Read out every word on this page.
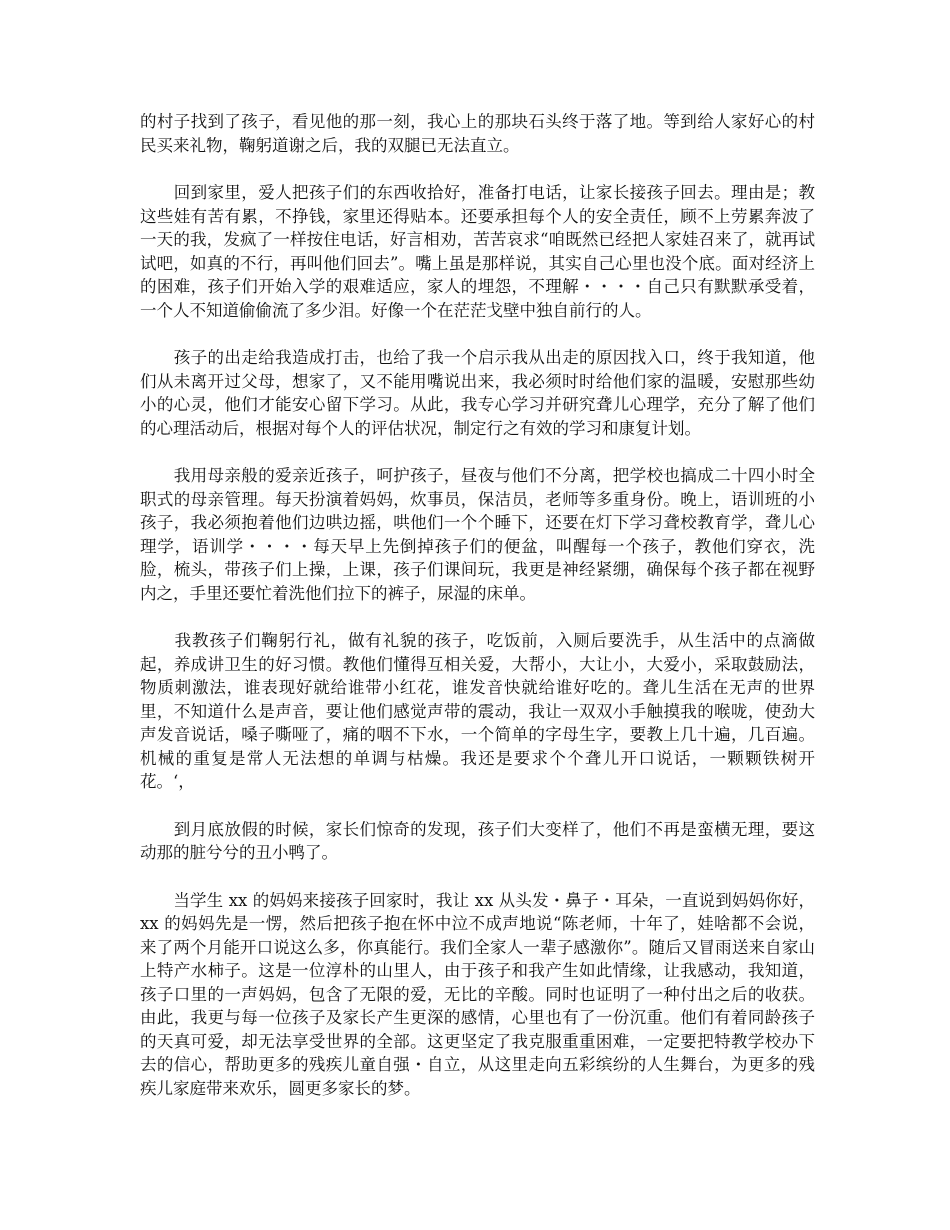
的村子找到了孩子，看见他的那一刻，我心上的那块石头终于落了地。等到给人家好心的村民买来礼物，鞠躬道谢之后，我的双腿已无法直立。

　　回到家里，爱人把孩子们的东西收拾好，准备打电话，让家长接孩子回去。理由是；教这些娃有苦有累，不挣钱，家里还得贴本。还要承担每个人的安全责任，顾不上劳累奔波了一天的我，发疯了一样按住电话，好言相劝，苦苦哀求“咱既然已经把人家娃召来了，就再试试吧，如真的不行，再叫他们回去”。嘴上虽是那样说，其实自己心里也没个底。面对经济上的困难，孩子们开始入学的艰难适应，家人的埋怨，不理解・・・・自己只有默默承受着，一个人不知道偷偷流了多少泪。好像一个在茫茫戈壁中独自前行的人。

　　孩子的出走给我造成打击，也给了我一个启示我从出走的原因找入口，终于我知道，他们从未离开过父母，想家了，又不能用嘴说出来，我必须时时给他们家的温暖，安慰那些幼小的心灵，他们才能安心留下学习。从此，我专心学习并研究聋儿心理学，充分了解了他们的心理活动后，根据对每个人的评估状况，制定行之有效的学习和康复计划。

　　我用母亲般的爱亲近孩子，呵护孩子，昼夜与他们不分离，把学校也搞成二十四小时全职式的母亲管理。每天扮演着妈妈，炊事员，保洁员，老师等多重身份。晚上，语训班的小孩子，我必须抱着他们边哄边摇，哄他们一个个睡下，还要在灯下学习聋校教育学，聋儿心理学，语训学・・・・每天早上先倒掉孩子们的便盆，叫醒每一个孩子，教他们穿衣，洗脸，梳头，带孩子们上操，上课，孩子们课间玩，我更是神经紧绷，确保每个孩子都在视野内之，手里还要忙着洗他们拉下的裤子，尿湿的床单。

　　我教孩子们鞠躬行礼，做有礼貌的孩子，吃饭前，入厕后要洗手，从生活中的点滴做起，养成讲卫生的好习惯。教他们懂得互相关爱，大帮小，大让小，大爱小，采取鼓励法，物质刺激法，谁表现好就给谁带小红花，谁发音快就给谁好吃的。聋儿生活在无声的世界里，不知道什么是声音，要让他们感觉声带的震动，我让一双双小手触摸我的喉咙，使劲大声发音说话，嗓子嘶哑了，痛的咽不下水，一个简单的字母生字，要教上几十遍，几百遍。机械的重复是常人无法想的单调与枯燥。我还是要求个个聋儿开口说话，一颗颗铁树开花。‘，

　　到月底放假的时候，家长们惊奇的发现，孩子们大变样了，他们不再是蛮横无理，要这动那的脏兮兮的丑小鸭了。

　　当学生 xx 的妈妈来接孩子回家时，我让 xx 从头发・鼻子・耳朵，一直说到妈妈你好，xx 的妈妈先是一愣，然后把孩子抱在怀中泣不成声地说“陈老师，十年了，娃啥都不会说，来了两个月能开口说这么多，你真能行。我们全家人一辈子感激你”。随后又冒雨送来自家山上特产水柿子。这是一位淳朴的山里人，由于孩子和我产生如此情缘，让我感动，我知道，孩子口里的一声妈妈，包含了无限的爱，无比的辛酸。同时也证明了一种付出之后的收获。由此，我更与每一位孩子及家长产生更深的感情，心里也有了一份沉重。他们有着同龄孩子的天真可爱，却无法享受世界的全部。这更坚定了我克服重重困难，一定要把特教学校办下去的信心，帮助更多的残疾儿童自强・自立，从这里走向五彩缤纷的人生舞台，为更多的残疾儿家庭带来欢乐，圆更多家长的梦。
